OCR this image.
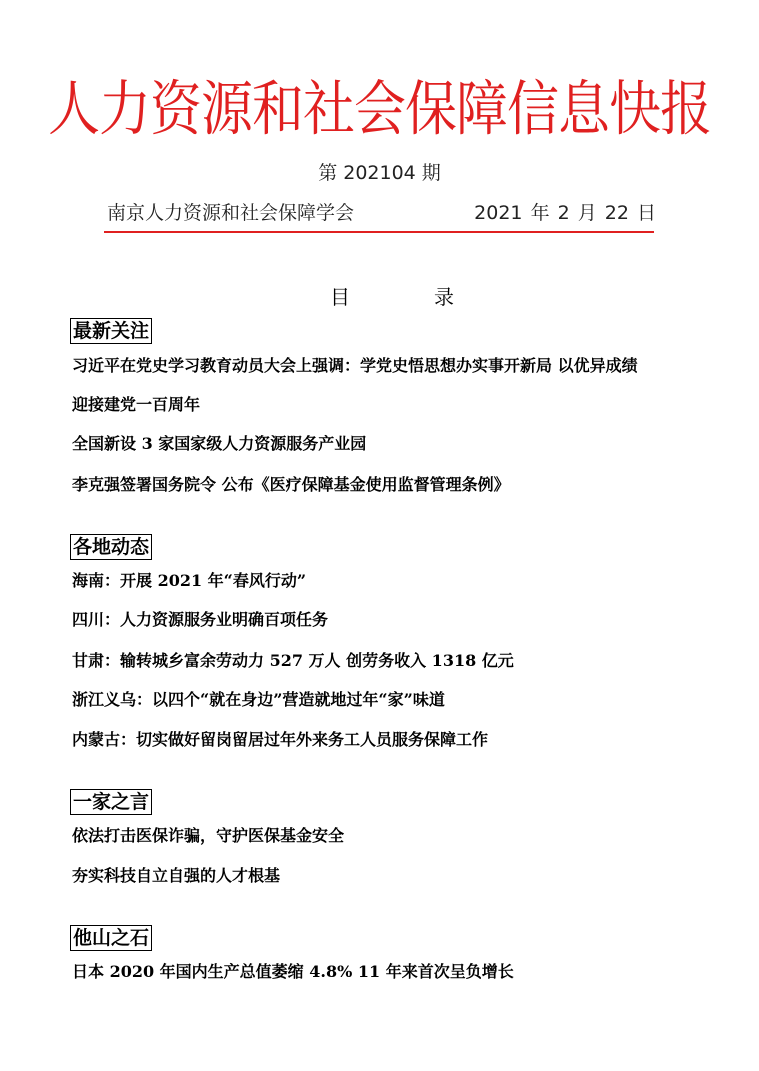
人力资源和社会保障信息快报
第 202104 期
南京人力资源和社会保障学会	2021 年 2 月 22 日
目录
最新关注
习近平在党史学习教育动员大会上强调：学党史悟思想办实事开新局 以优异成绩
迎接建党一百周年
全国新设 3 家国家级人力资源服务产业园
李克强签署国务院令 公布《医疗保障基金使用监督管理条例》
各地动态
海南：开展 2021 年“春风行动”
四川：人力资源服务业明确百项任务
甘肃：输转城乡富余劳动力 527 万人 创劳务收入 1318 亿元
浙江义乌：以四个“就在身边”营造就地过年“家”味道
内蒙古：切实做好留岗留居过年外来务工人员服务保障工作
一家之言
依法打击医保诈骗，守护医保基金安全
夯实科技自立自强的人才根基
他山之石
日本 2020 年国内生产总值萎缩 4.8% 11 年来首次呈负增长
